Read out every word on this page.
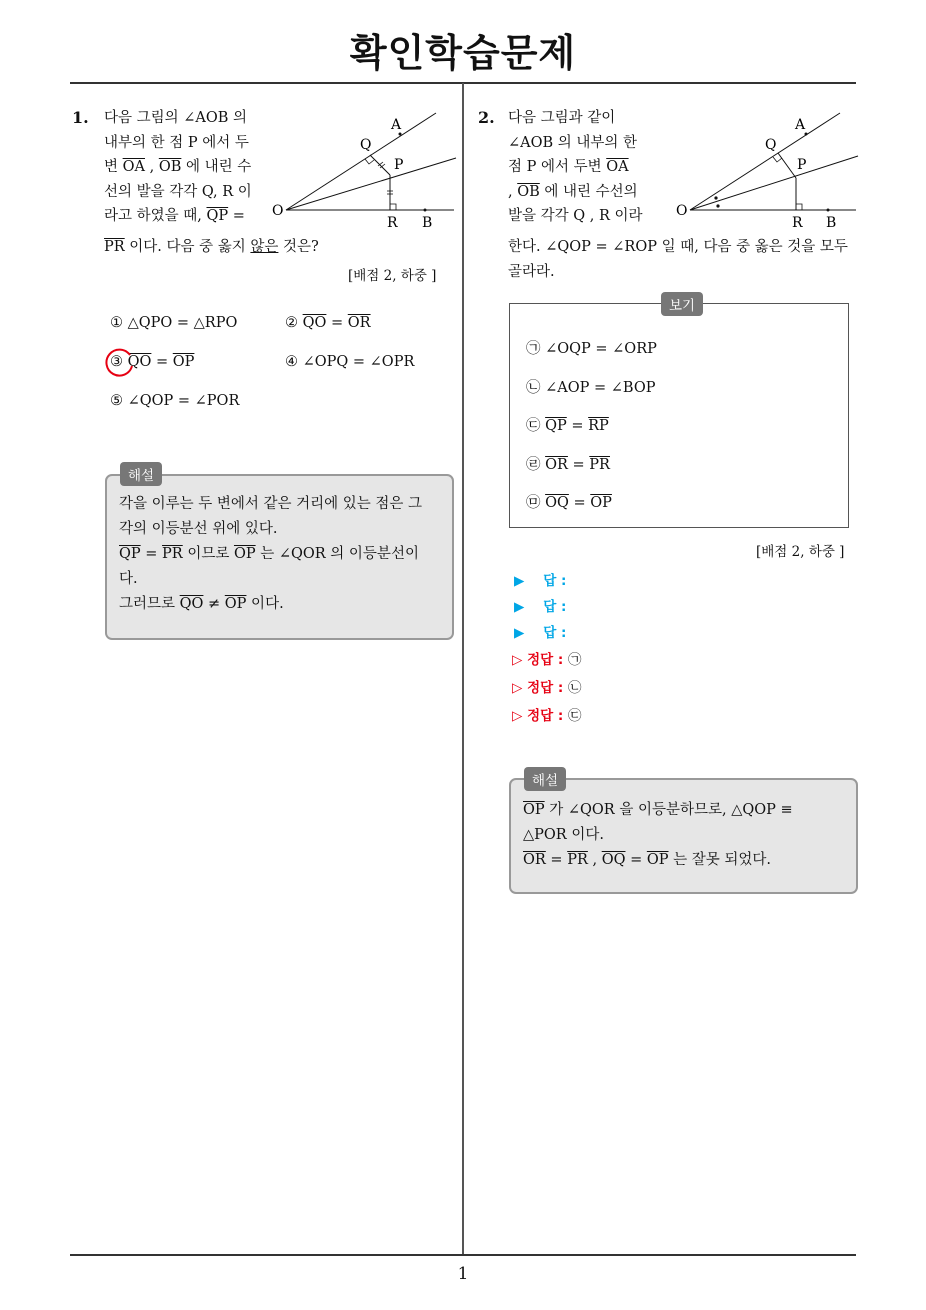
확인학습문제
1
1. 다음 그림의 ∠AOB 의

내부의 한 점 P 에서 두

변 $\overline{OA}$ , $\overline{OB}$ 에 내린 수

선의 발을 각각 Q, R 이

라고 하였을 때, $\overline{QP}$ =

$\overline{PR}$ 이다. 다음 중 옳지 않은 것은?

[배점 2, 하중 ]
A
Q
P
O
R B
① △QPO = △RPO	② $\overline{QO} = \overline{OR}$
③ $\overline{QO} = \overline{OP}$	④ ∠OPQ = ∠OPR
⑤ ∠QOP = ∠POR

각을 이루는 두 변에서 같은 거리에 있는 점은 그

각의 이등분선 위에 있다.

$\overline{QP} = \overline{PR}$ 이므로 $\overline{OP}$ 는 ∠QOR 의 이등분선이

다.

그러므로 $\overline{QO} \ne \overline{OP}$ 이다.

해설
2. 다음 그림과 같이

∠AOB 의 내부의 한

점 P 에서 두변 $\overline{OA}$

, $\overline{OB}$ 에 내린 수선의

발을 각각 Q , R 이라

한다. ∠QOP = ∠ROP 일 때, 다음 중 옳은 것을 모두

골라라.

A
Q
P
O
R B
보기
㉠ ∠OQP = ∠ORP
㉡ ∠AOP = ∠BOP
㉢ $\overline{QP} = \overline{RP}$
㉣ $\overline{OR} = \overline{PR}$
㉤ $\overline{OQ} = \overline{OP}$
[배점 2, 하중 ]
▶ 답 :
▶ 답 :
▶ 답 :
▷ 정답 : ㉠
▷ 정답 : ㉡
▷ 정답 : ㉢

$\overline{OP}$ 가 ∠QOR 을 이등분하므로, △QOP ≡

△POR 이다.

$\overline{OR} = \overline{PR}$ , $\overline{OQ} = \overline{OP}$ 는 잘못 되었다.

해설
